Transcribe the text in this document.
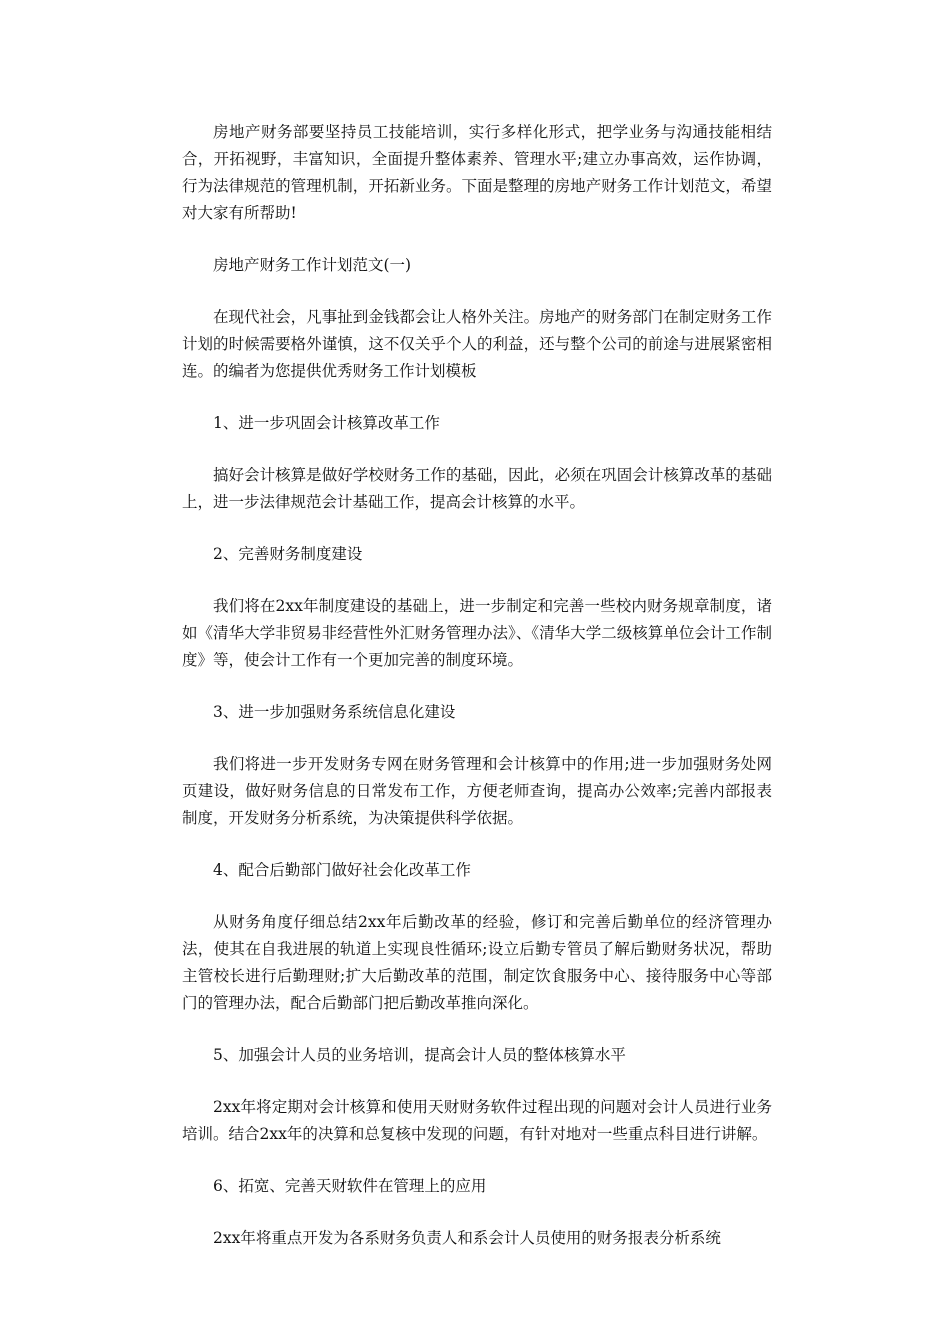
房地产财务部要坚持员工技能培训，实行多样化形式，把学业务与沟通技能相结合，开拓视野，丰富知识，全面提升整体素养、管理水平;建立办事高效，运作协调，行为法律规范的管理机制，开拓新业务。下面是整理的房地产财务工作计划范文，希望对大家有所帮助!

房地产财务工作计划范文(一)

在现代社会，凡事扯到金钱都会让人格外关注。房地产的财务部门在制定财务工作计划的时候需要格外谨慎，这不仅关乎个人的利益，还与整个公司的前途与进展紧密相连。的编者为您提供优秀财务工作计划模板

1、进一步巩固会计核算改革工作

搞好会计核算是做好学校财务工作的基础，因此，必须在巩固会计核算改革的基础上，进一步法律规范会计基础工作，提高会计核算的水平。

2、完善财务制度建设

我们将在2xx年制度建设的基础上，进一步制定和完善一些校内财务规章制度，诸如《清华大学非贸易非经营性外汇财务管理办法》、《清华大学二级核算单位会计工作制度》等，使会计工作有一个更加完善的制度环境。

3、进一步加强财务系统信息化建设

我们将进一步开发财务专网在财务管理和会计核算中的作用;进一步加强财务处网页建设，做好财务信息的日常发布工作，方便老师查询，提高办公效率;完善内部报表制度，开发财务分析系统，为决策提供科学依据。

4、配合后勤部门做好社会化改革工作

从财务角度仔细总结2xx年后勤改革的经验，修订和完善后勤单位的经济管理办法，使其在自我进展的轨道上实现良性循环;设立后勤专管员了解后勤财务状况，帮助主管校长进行后勤理财;扩大后勤改革的范围，制定饮食服务中心、接待服务中心等部门的管理办法，配合后勤部门把后勤改革推向深化。

5、加强会计人员的业务培训，提高会计人员的整体核算水平

2xx年将定期对会计核算和使用天财财务软件过程出现的问题对会计人员进行业务培训。结合2xx年的决算和总复核中发现的问题，有针对地对一些重点科目进行讲解。

6、拓宽、完善天财软件在管理上的应用

2xx年将重点开发为各系财务负责人和系会计人员使用的财务报表分析系统
